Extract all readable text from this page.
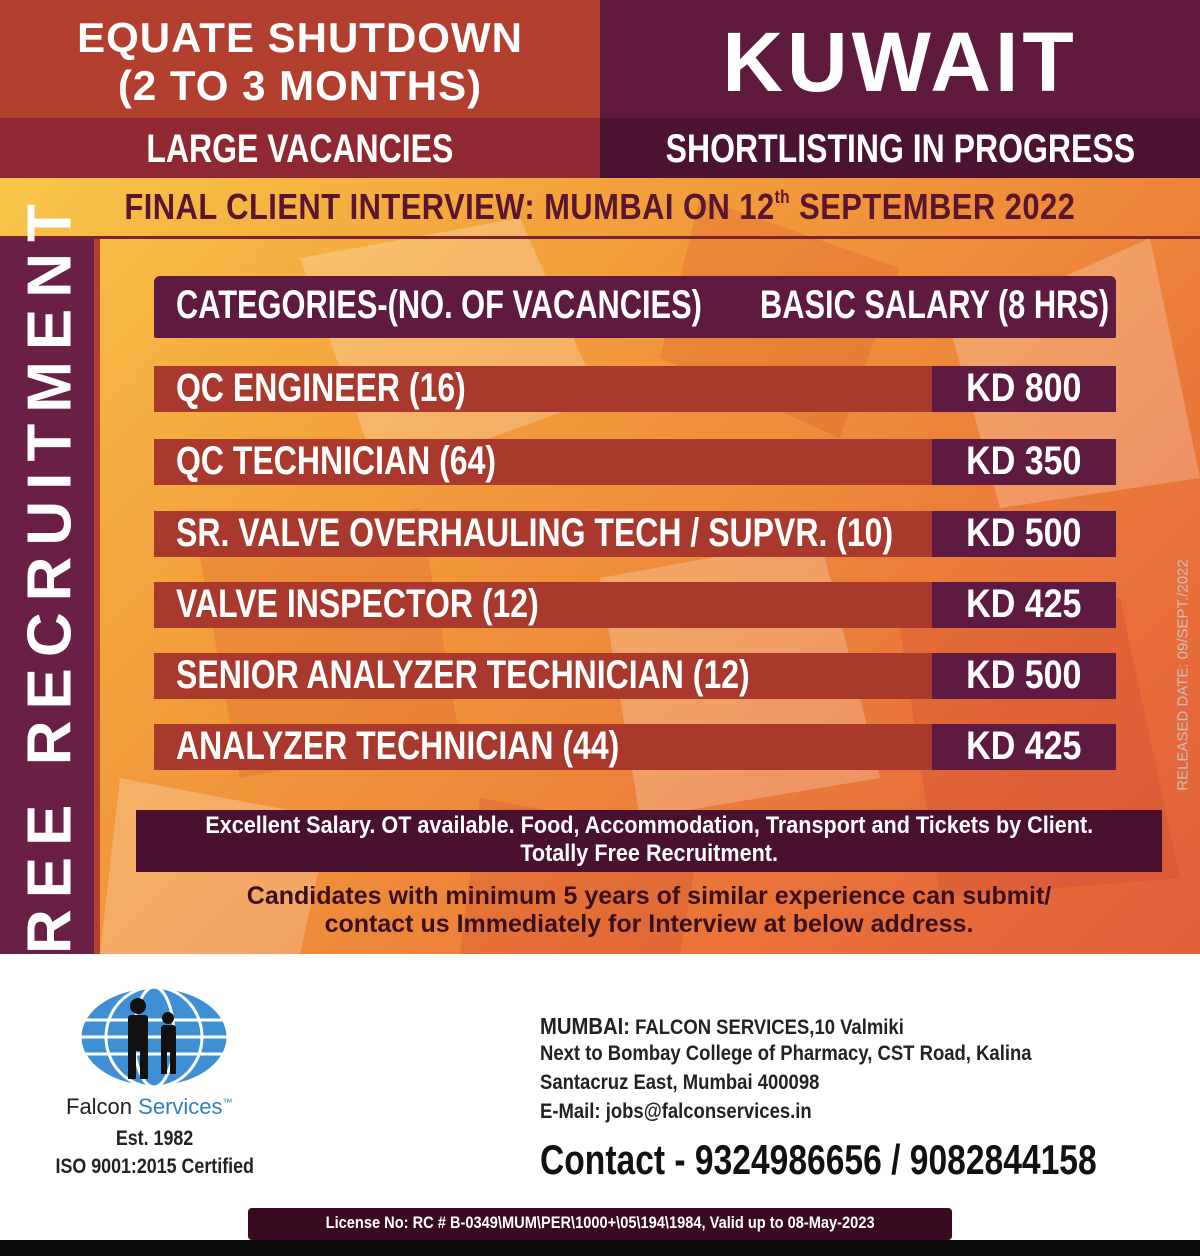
EQUATE SHUTDOWN
(2 TO 3 MONTHS)	KUWAIT
LARGE VACANCIES	SHORTLISTING IN PROGRESS
FINAL CLIENT INTERVIEW: MUMBAI ON 12th SEPTEMBER 2022
FREE RECRUITMENT CATEGORIES-(NO. OF VACANCIES)	BASIC SALARY (8 HRS)
QC ENGINEER (16)	KD 800
QC TECHNICIAN (64)	KD 350
SR. VALVE OVERHAULING TECH / SUPVR. (10)	KD 500
VALVE INSPECTOR (12)	KD 425
SENIOR ANALYZER TECHNICIAN (12)	KD 500
ANALYZER TECHNICIAN (44)	KD 425
Excellent Salary. OT available. Food, Accommodation, Transport and Tickets by Client.
Totally Free Recruitment.
Candidates with minimum 5 years of similar experience can submit/
contact us Immediately for Interview at below address.
RELEASED DATE: 09/SEPT./2022
Falcon Services™
Est. 1982
ISO 9001:2015 Certified
MUMBAI: FALCON SERVICES,10 Valmiki
Next to Bombay College of Pharmacy, CST Road, Kalina
Santacruz East, Mumbai 400098
E-Mail: jobs@falconservices.in
Contact - 9324986656 / 9082844158
License No: RC # B-0349\MUM\PER\1000+\05\194\1984, Valid up to 08-May-2023
